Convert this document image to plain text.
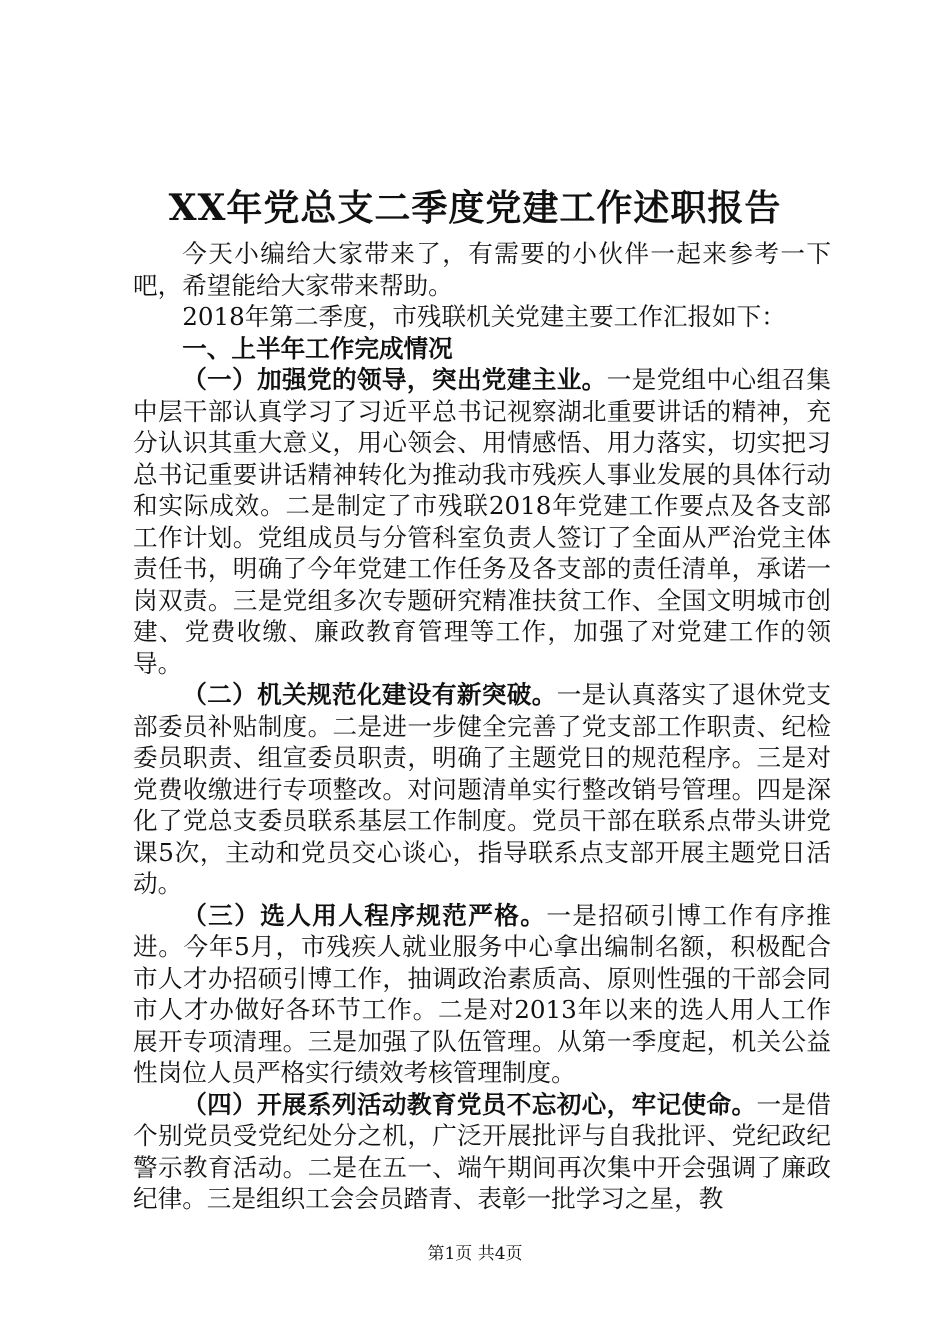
XX年党总支二季度党建工作述职报告

今天小编给大家带来了，有需要的小伙伴一起来参考一下吧，希望能给大家带来帮助。

2018年第二季度，市残联机关党建主要工作汇报如下：

一、上半年工作完成情况

（一）加强党的领导，突出党建主业。一是党组中心组召集中层干部认真学习了习近平总书记视察湖北重要讲话的精神，充分认识其重大意义，用心领会、用情感悟、用力落实，切实把习总书记重要讲话精神转化为推动我市残疾人事业发展的具体行动和实际成效。二是制定了市残联2018年党建工作要点及各支部工作计划。党组成员与分管科室负责人签订了全面从严治党主体责任书，明确了今年党建工作任务及各支部的责任清单，承诺一岗双责。三是党组多次专题研究精准扶贫工作、全国文明城市创建、党费收缴、廉政教育管理等工作，加强了对党建工作的领导。

（二）机关规范化建设有新突破。一是认真落实了退休党支部委员补贴制度。二是进一步健全完善了党支部工作职责、纪检委员职责、组宣委员职责，明确了主题党日的规范程序。三是对党费收缴进行专项整改。对问题清单实行整改销号管理。四是深化了党总支委员联系基层工作制度。党员干部在联系点带头讲党课5次，主动和党员交心谈心，指导联系点支部开展主题党日活动。

（三）选人用人程序规范严格。一是招硕引博工作有序推进。今年5月，市残疾人就业服务中心拿出编制名额，积极配合市人才办招硕引博工作，抽调政治素质高、原则性强的干部会同市人才办做好各环节工作。二是对2013年以来的选人用人工作展开专项清理。三是加强了队伍管理。从第一季度起，机关公益性岗位人员严格实行绩效考核管理制度。

（四）开展系列活动教育党员不忘初心，牢记使命。一是借个别党员受党纪处分之机，广泛开展批评与自我批评、党纪政纪警示教育活动。二是在五一、端午期间再次集中开会强调了廉政纪律。三是组织工会会员踏青、表彰一批学习之星，教

第1页 共4页
